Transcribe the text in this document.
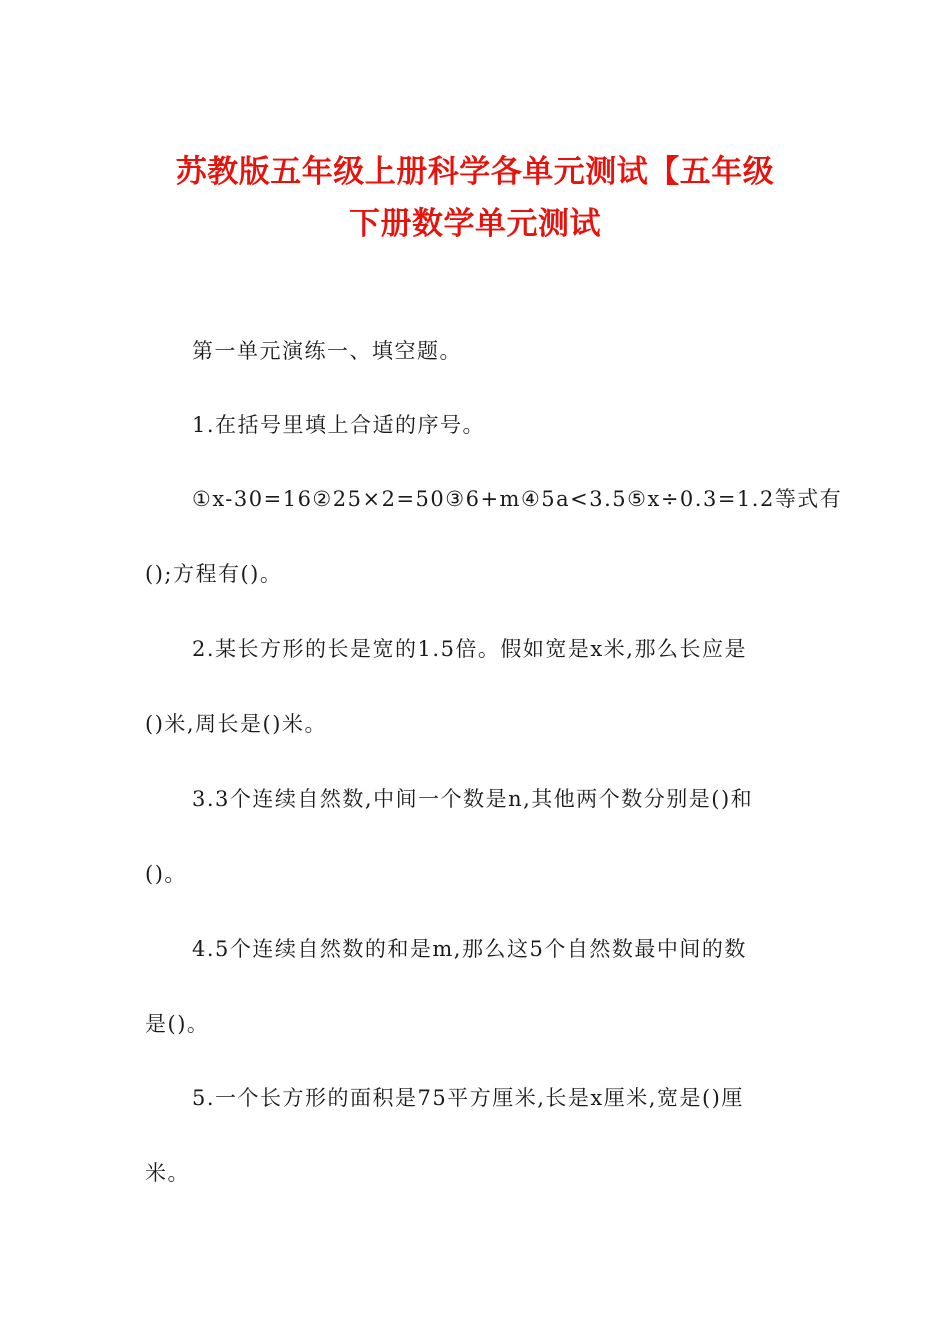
苏教版五年级上册科学各单元测试【五年级
下册数学单元测试
第一单元演练一、填空题。
1.在括号里填上合适的序号。
①x-30=16②25×2=50③6+m④5a<3.5⑤x÷0.3=1.2等式有
();方程有()。
2.某长方形的长是宽的1.5倍。假如宽是x米,那么长应是
()米,周长是()米。
3.3个连续自然数,中间一个数是n,其他两个数分别是()和
()。
4.5个连续自然数的和是m,那么这5个自然数最中间的数
是()。
5.一个长方形的面积是75平方厘米,长是x厘米,宽是()厘
米。
